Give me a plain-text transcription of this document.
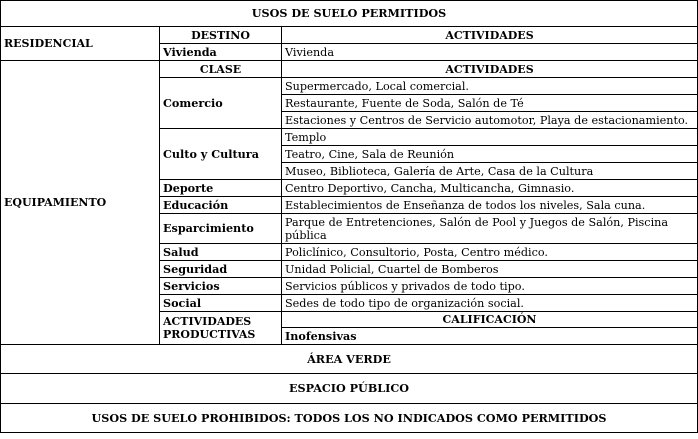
USOS DE SUELO PERMITIDOS			
RESIDENCIAL	DESTINO	ACTIVIDADES	
	Vivienda	Vivienda	
EQUIPAMIENTO	CLASE	ACTIVIDADES	
	Comercio	Supermercado, Local comercial.	
		Restaurante, Fuente de Soda, Salón de Té	
		Estaciones y Centros de Servicio automotor, Playa de estacionamiento.	
	Culto y Cultura	Templo	
		Teatro, Cine, Sala de Reunión	
		Museo, Biblioteca, Galería de Arte, Casa de la Cultura	
	Deporte	Centro Deportivo, Cancha, Multicancha, Gimnasio.	
	Educación	Establecimientos de Enseñanza de todos los niveles, Sala cuna.	
	Esparcimiento	Parque de Entretenciones, Salón de Pool y Juegos de Salón, Piscina pública	
	Salud	Policlínico, Consultorio, Posta, Centro médico.	
	Seguridad	Unidad Policial, Cuartel de Bomberos	
	Servicios	Servicios públicos y privados de todo tipo.	
	Social	Sedes de todo tipo de organización social.	
	ACTIVIDADES PRODUCTIVAS	CALIFICACIÓN	
		Inofensivas	
ÁREA VERDE			
ESPACIO PÚBLICO			
USOS DE SUELO PROHIBIDOS: TODOS LOS NO INDICADOS COMO PERMITIDOS			
